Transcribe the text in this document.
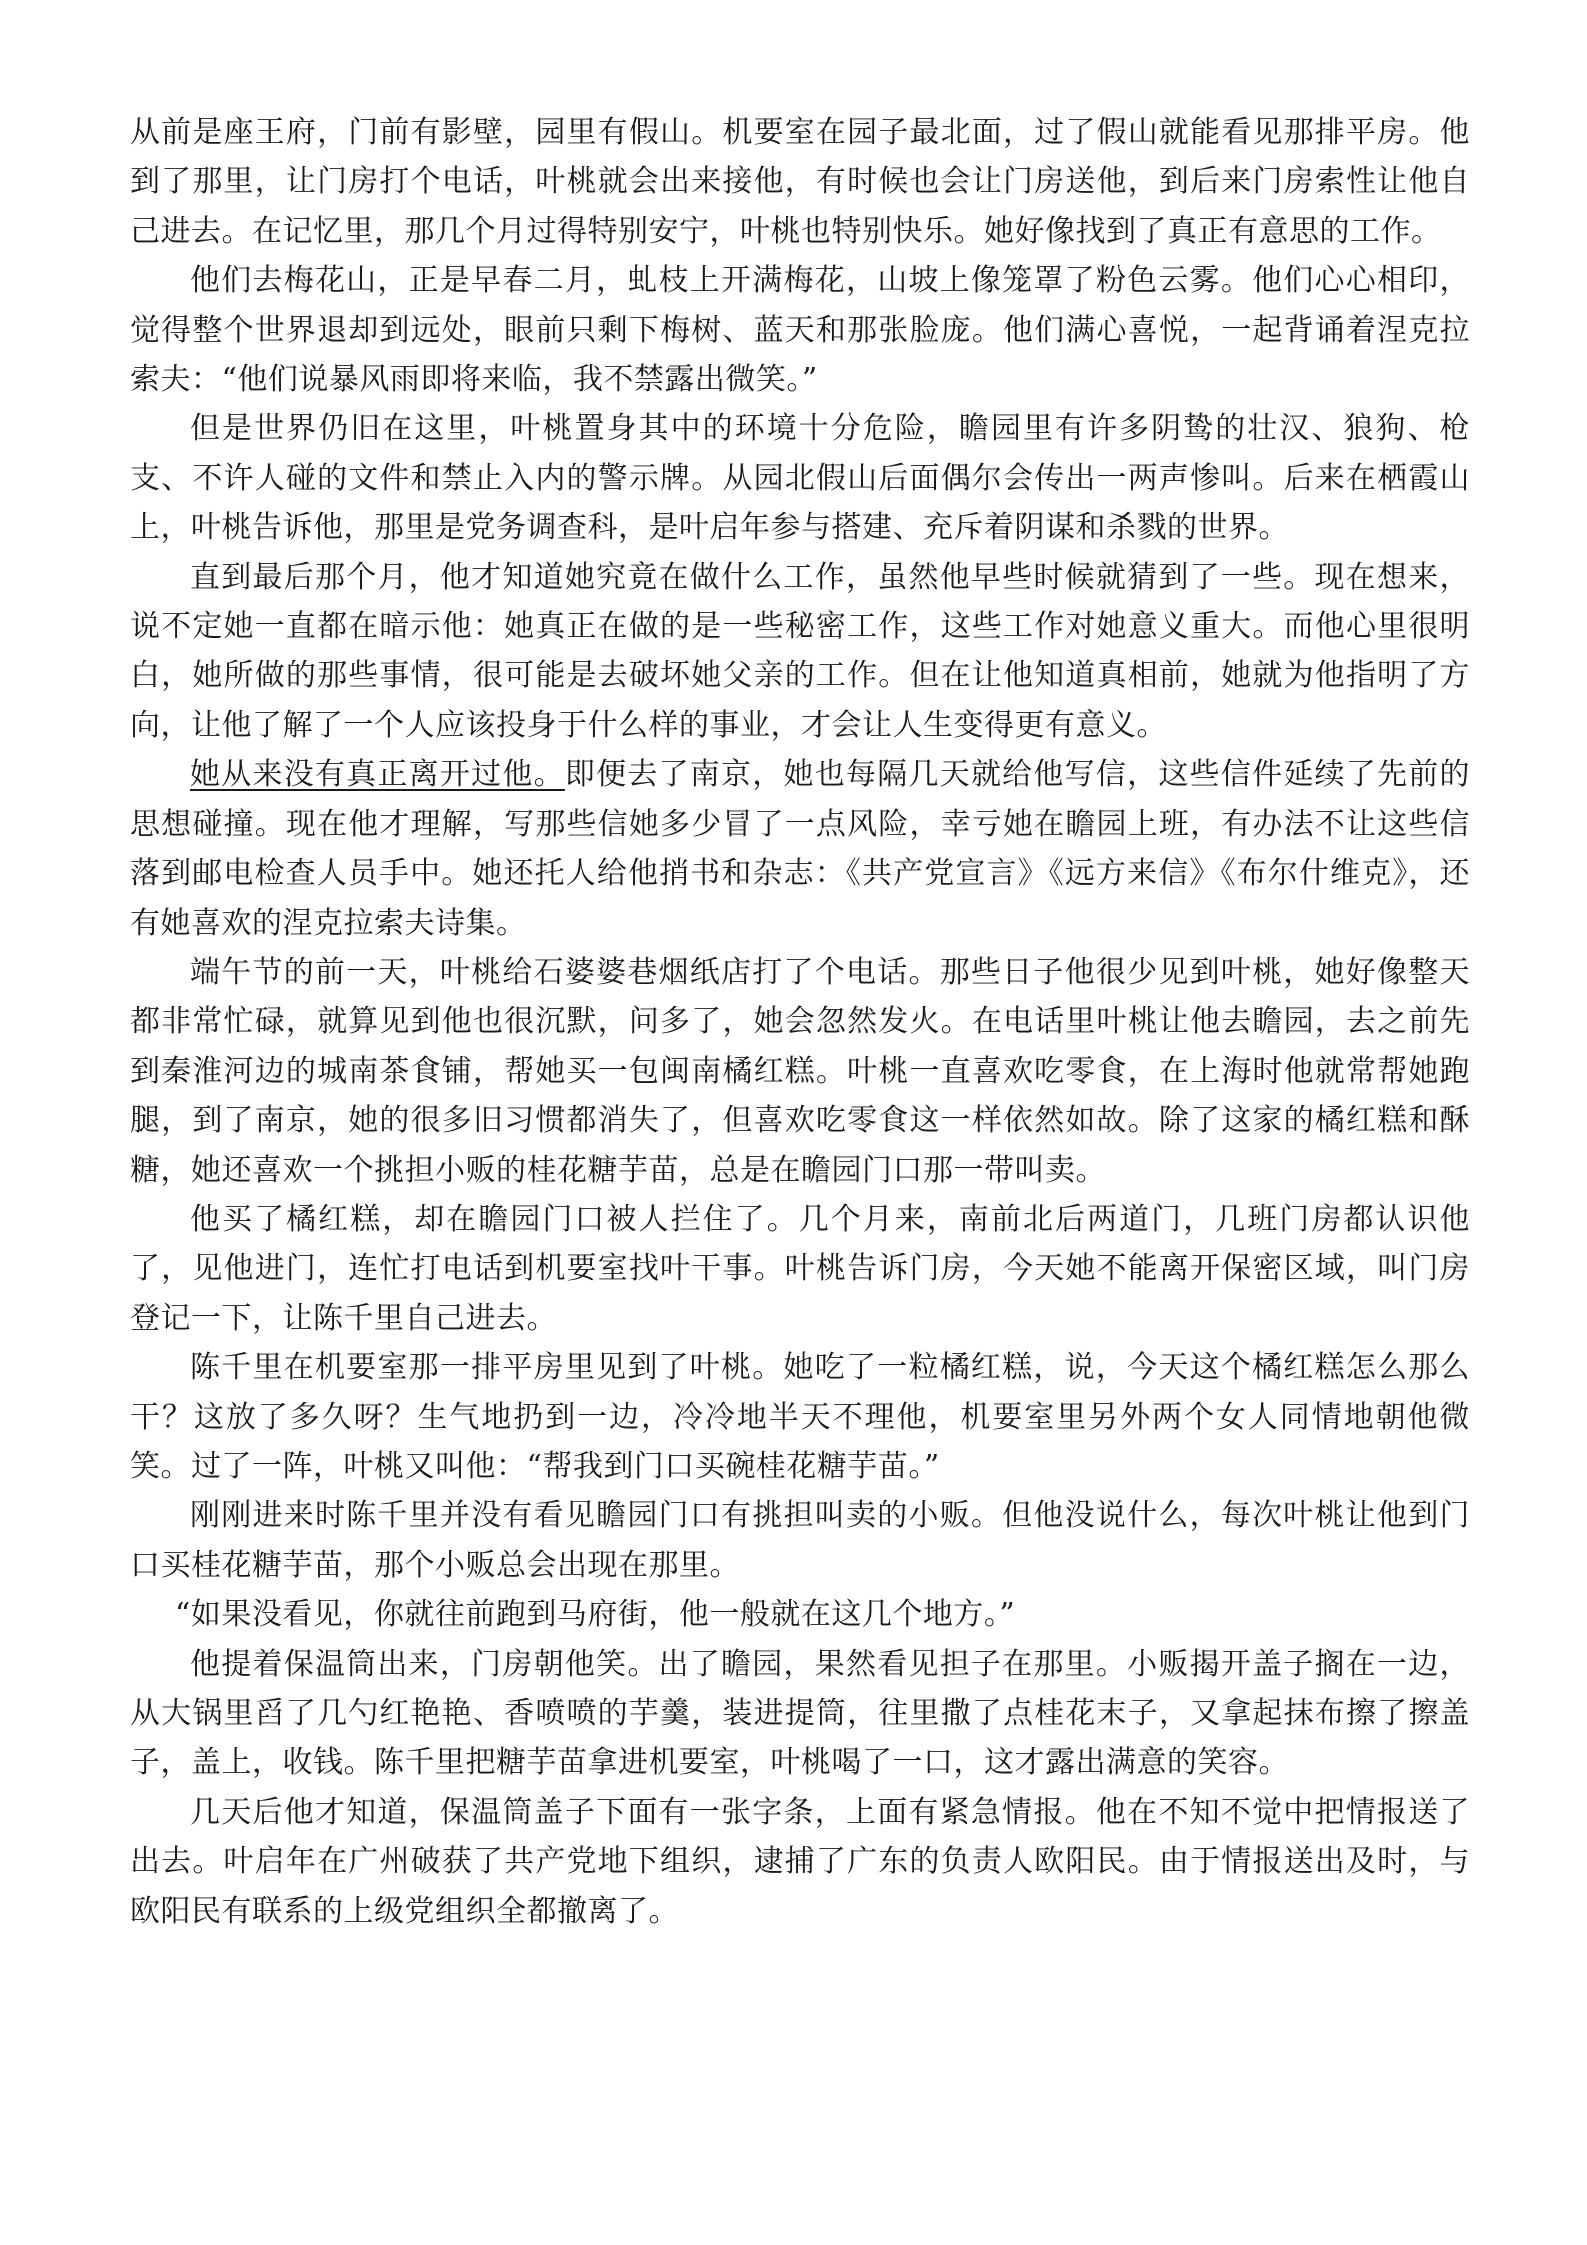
从前是座王府，门前有影壁，园里有假山。机要室在园子最北面，过了假山就能看见那排平房。他到了那里，让门房打个电话，叶桃就会出来接他，有时候也会让门房送他，到后来门房索性让他自己进去。在记忆里，那几个月过得特别安宁，叶桃也特别快乐。她好像找到了真正有意思的工作。

他们去梅花山，正是早春二月，虬枝上开满梅花，山坡上像笼罩了粉色云雾。他们心心相印，觉得整个世界退却到远处，眼前只剩下梅树、蓝天和那张脸庞。他们满心喜悦，一起背诵着涅克拉索夫：“他们说暴风雨即将来临，我不禁露出微笑。”

但是世界仍旧在这里，叶桃置身其中的环境十分危险，瞻园里有许多阴鸷的壮汉、狼狗、枪支、不许人碰的文件和禁止入内的警示牌。从园北假山后面偶尔会传出一两声惨叫。后来在栖霞山上，叶桃告诉他，那里是党务调查科，是叶启年参与搭建、充斥着阴谋和杀戮的世界。

直到最后那个月，他才知道她究竟在做什么工作，虽然他早些时候就猜到了一些。现在想来，说不定她一直都在暗示他：她真正在做的是一些秘密工作，这些工作对她意义重大。而他心里很明白，她所做的那些事情，很可能是去破坏她父亲的工作。但在让他知道真相前，她就为他指明了方向，让他了解了一个人应该投身于什么样的事业，才会让人生变得更有意义。

她从来没有真正离开过他。即便去了南京，她也每隔几天就给他写信，这些信件延续了先前的思想碰撞。现在他才理解，写那些信她多少冒了一点风险，幸亏她在瞻园上班，有办法不让这些信落到邮电检查人员手中。她还托人给他捎书和杂志：《共产党宣言》《远方来信》《布尔什维克》，还有她喜欢的涅克拉索夫诗集。

端午节的前一天，叶桃给石婆婆巷烟纸店打了个电话。那些日子他很少见到叶桃，她好像整天都非常忙碌，就算见到他也很沉默，问多了，她会忽然发火。在电话里叶桃让他去瞻园，去之前先到秦淮河边的城南茶食铺，帮她买一包闽南橘红糕。叶桃一直喜欢吃零食，在上海时他就常帮她跑腿，到了南京，她的很多旧习惯都消失了，但喜欢吃零食这一样依然如故。除了这家的橘红糕和酥糖，她还喜欢一个挑担小贩的桂花糖芋苗，总是在瞻园门口那一带叫卖。

他买了橘红糕，却在瞻园门口被人拦住了。几个月来，南前北后两道门，几班门房都认识他了，见他进门，连忙打电话到机要室找叶干事。叶桃告诉门房，今天她不能离开保密区域，叫门房登记一下，让陈千里自己进去。

陈千里在机要室那一排平房里见到了叶桃。她吃了一粒橘红糕，说，今天这个橘红糕怎么那么干？这放了多久呀？生气地扔到一边，冷冷地半天不理他，机要室里另外两个女人同情地朝他微笑。过了一阵，叶桃又叫他：“帮我到门口买碗桂花糖芋苗。”

刚刚进来时陈千里并没有看见瞻园门口有挑担叫卖的小贩。但他没说什么，每次叶桃让他到门口买桂花糖芋苗，那个小贩总会出现在那里。

“如果没看见，你就往前跑到马府街，他一般就在这几个地方。”

他提着保温筒出来，门房朝他笑。出了瞻园，果然看见担子在那里。小贩揭开盖子搁在一边，从大锅里舀了几勺红艳艳、香喷喷的芋羹，装进提筒，往里撒了点桂花末子，又拿起抹布擦了擦盖子，盖上，收钱。陈千里把糖芋苗拿进机要室，叶桃喝了一口，这才露出满意的笑容。

几天后他才知道，保温筒盖子下面有一张字条，上面有紧急情报。他在不知不觉中把情报送了出去。叶启年在广州破获了共产党地下组织，逮捕了广东的负责人欧阳民。由于情报送出及时，与欧阳民有联系的上级党组织全都撤离了。
